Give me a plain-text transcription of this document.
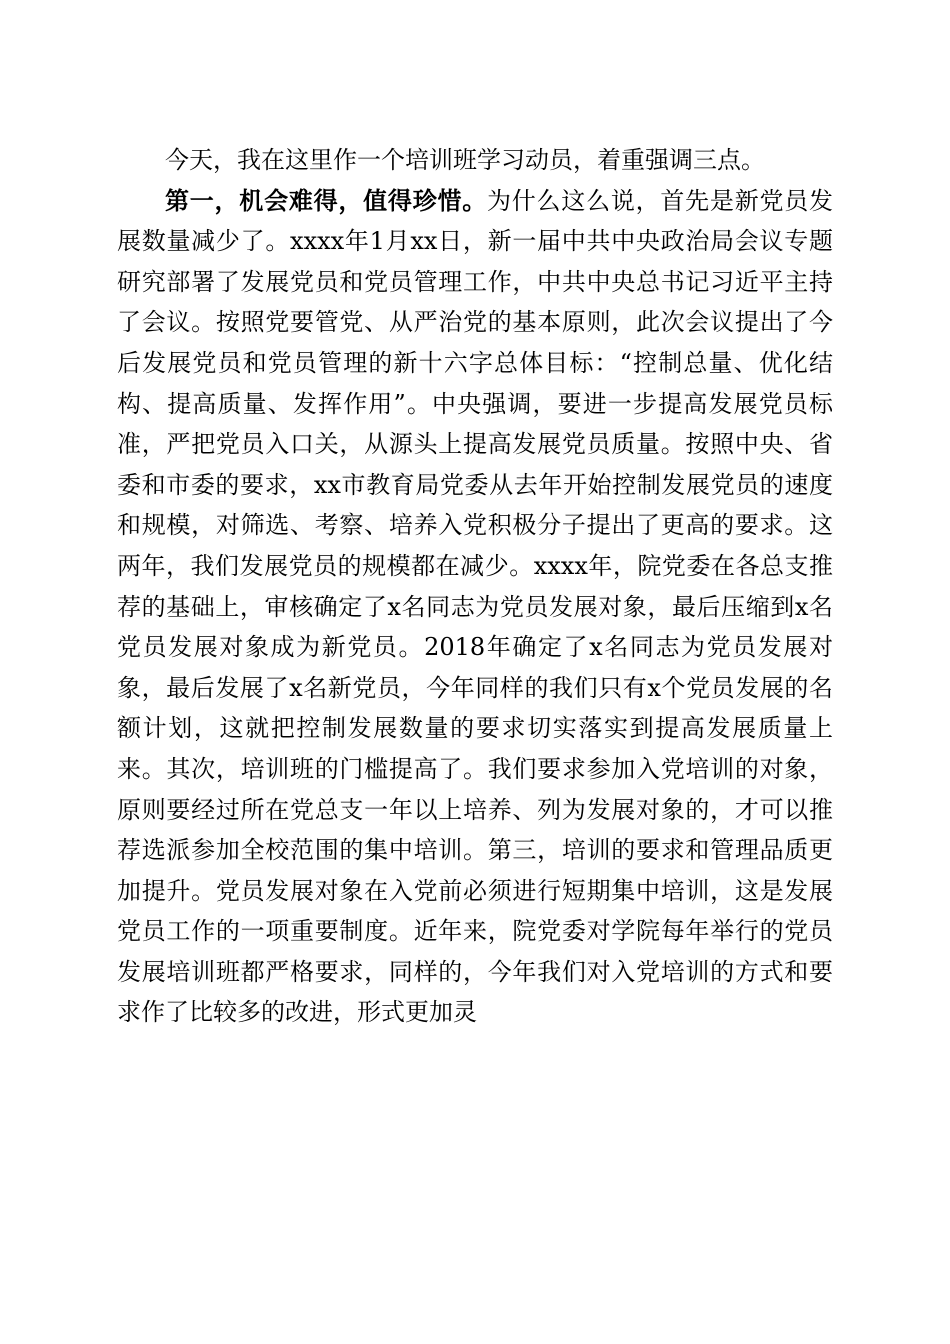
今天，我在这里作一个培训班学习动员，着重强调三点。

第一，机会难得，值得珍惜。为什么这么说，首先是新党员发展数量减少了。xxxx年1月xx日，新一届中共中央政治局会议专题研究部署了发展党员和党员管理工作，中共中央总书记习近平主持了会议。按照党要管党、从严治党的基本原则，此次会议提出了今后发展党员和党员管理的新十六字总体目标：“控制总量、优化结构、提高质量、发挥作用”。中央强调，要进一步提高发展党员标准，严把党员入口关，从源头上提高发展党员质量。按照中央、省委和市委的要求，xx市教育局党委从去年开始控制发展党员的速度和规模，对筛选、考察、培养入党积极分子提出了更高的要求。这两年，我们发展党员的规模都在减少。xxxx年，院党委在各总支推荐的基础上，审核确定了x名同志为党员发展对象，最后压缩到x名党员发展对象成为新党员。2018年确定了x名同志为党员发展对象，最后发展了x名新党员，今年同样的我们只有x个党员发展的名额计划，这就把控制发展数量的要求切实落实到提高发展质量上来。其次，培训班的门槛提高了。我们要求参加入党培训的对象，原则要经过所在党总支一年以上培养、列为发展对象的，才可以推荐选派参加全校范围的集中培训。第三，培训的要求和管理品质更加提升。党员发展对象在入党前必须进行短期集中培训，这是发展党员工作的一项重要制度。近年来，院党委对学院每年举行的党员发展培训班都严格要求，同样的，今年我们对入党培训的方式和要求作了比较多的改进，形式更加灵
